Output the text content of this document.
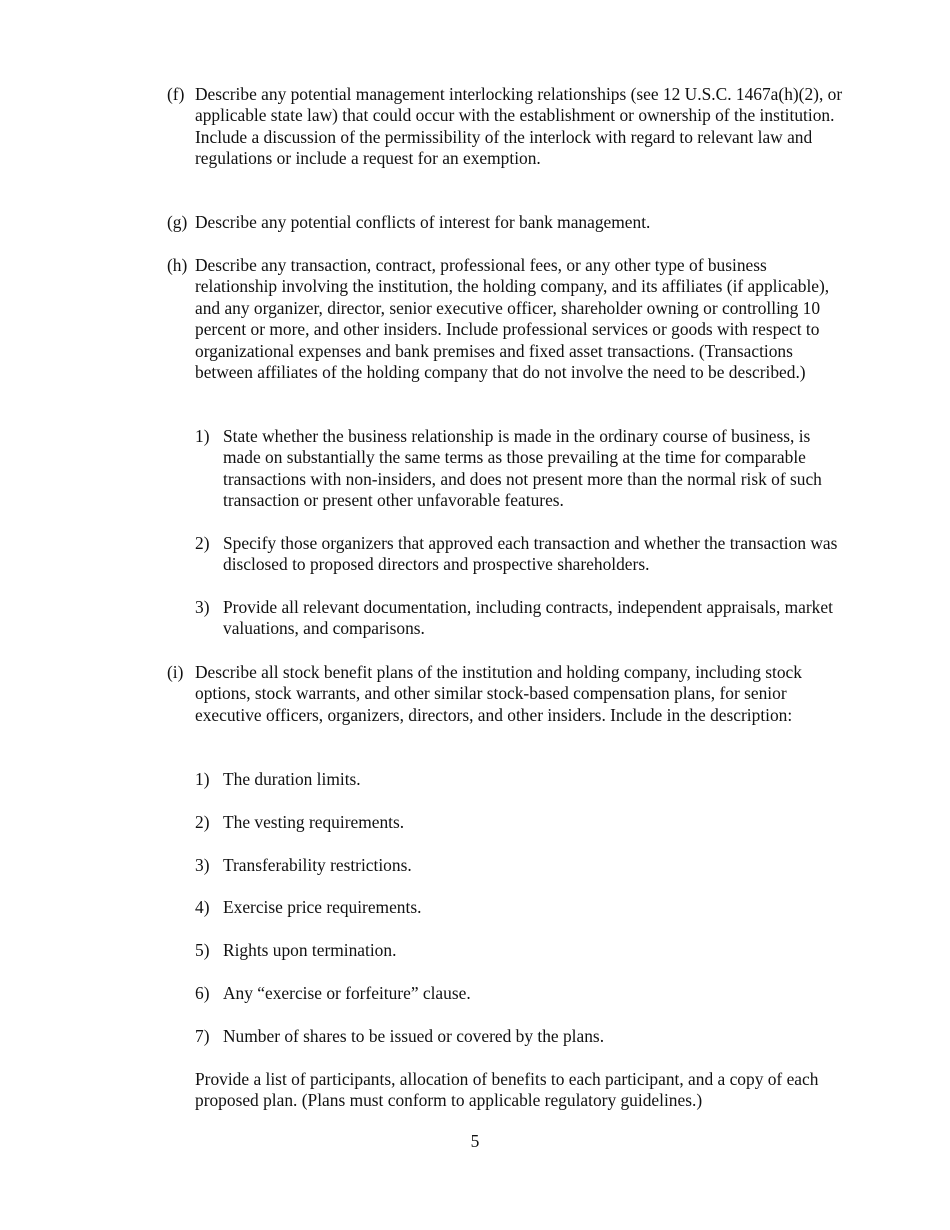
(f) Describe any potential management interlocking relationships (see 12 U.S.C. 1467a(h)(2), or applicable state law) that could occur with the establishment or ownership of the institution. Include a discussion of the permissibility of the interlock with regard to relevant law and regulations or include a request for an exemption.
(g) Describe any potential conflicts of interest for bank management.
(h) Describe any transaction, contract, professional fees, or any other type of business relationship involving the institution, the holding company, and its affiliates (if applicable), and any organizer, director, senior executive officer, shareholder owning or controlling 10 percent or more, and other insiders. Include professional services or goods with respect to organizational expenses and bank premises and fixed asset transactions. (Transactions between affiliates of the holding company that do not involve the need to be described.)
1) State whether the business relationship is made in the ordinary course of business, is made on substantially the same terms as those prevailing at the time for comparable transactions with non-insiders, and does not present more than the normal risk of such transaction or present other unfavorable features.
2) Specify those organizers that approved each transaction and whether the transaction was disclosed to proposed directors and prospective shareholders.
3) Provide all relevant documentation, including contracts, independent appraisals, market valuations, and comparisons.
(i) Describe all stock benefit plans of the institution and holding company, including stock options, stock warrants, and other similar stock-based compensation plans, for senior executive officers, organizers, directors, and other insiders. Include in the description:
1) The duration limits.
2) The vesting requirements.
3) Transferability restrictions.
4) Exercise price requirements.
5) Rights upon termination.
6) Any “exercise or forfeiture” clause.
7) Number of shares to be issued or covered by the plans.
Provide a list of participants, allocation of benefits to each participant, and a copy of each proposed plan. (Plans must conform to applicable regulatory guidelines.)
5
